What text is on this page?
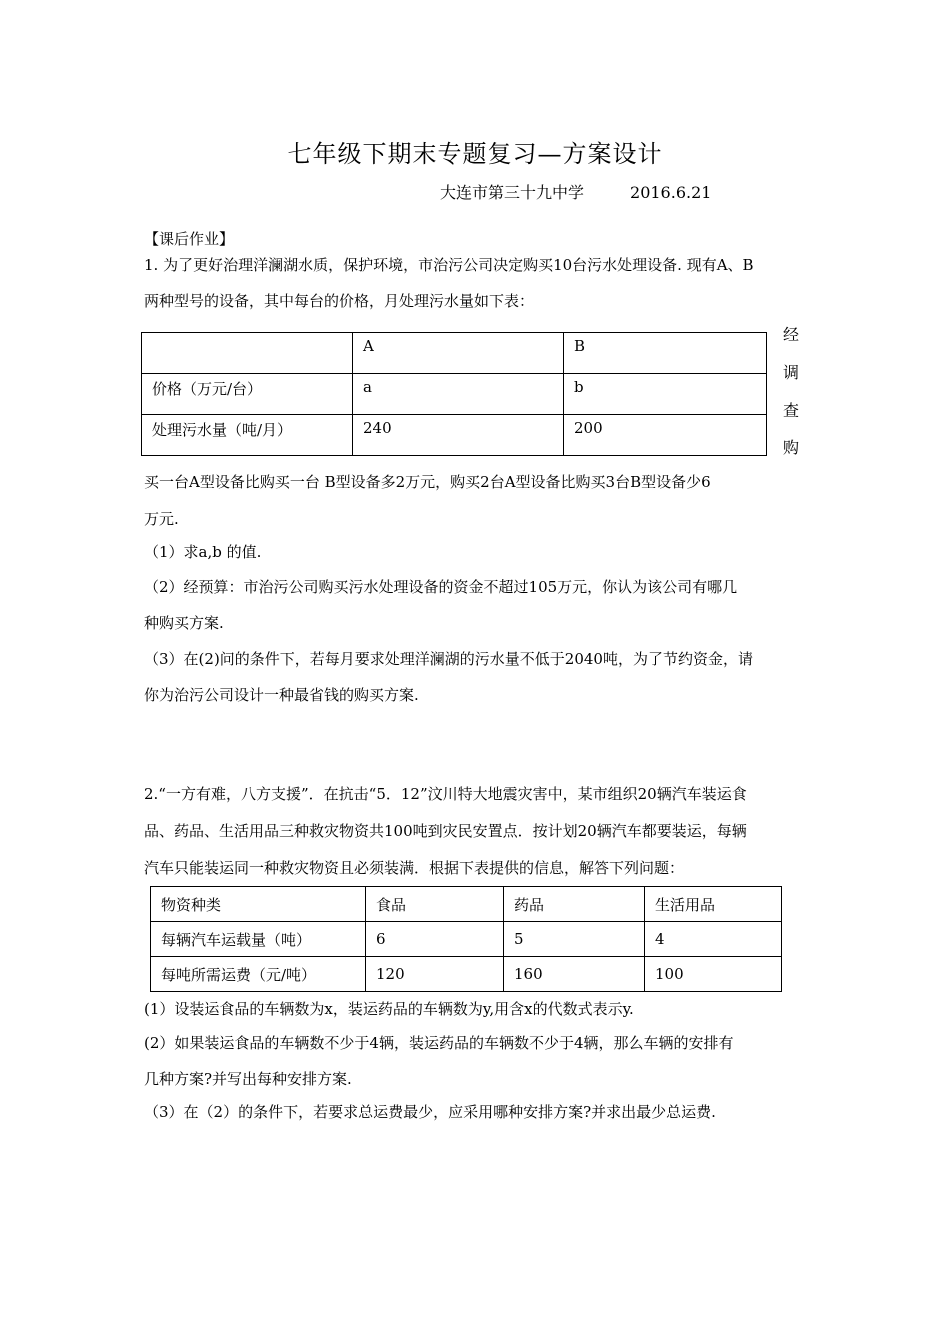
七年级下期末专题复习—方案设计
大连市第三十九中学	2016.6.21
【课后作业】
1. 为了更好治理洋澜湖水质，保护环境，市治污公司决定购买10台污水处理设备. 现有A、B
两种型号的设备，其中每台的价格，月处理污水量如下表：
	A	B
价格（万元/台）	a	b
处理污水量（吨/月）	240	200
经
调
查
购
买一台A型设备比购买一台 B型设备多2万元，购买2台A型设备比购买3台B型设备少6
万元.
（1）求a,b 的值.
（2）经预算：市治污公司购买污水处理设备的资金不超过105万元，你认为该公司有哪几
种购买方案.
（3）在(2)问的条件下，若每月要求处理洋澜湖的污水量不低于2040吨，为了节约资金，请
你为治污公司设计一种最省钱的购买方案.
2.“一方有难，八方支援”．在抗击“5．12”汶川特大地震灾害中，某市组织20辆汽车装运食
品、药品、生活用品三种救灾物资共100吨到灾民安置点．按计划20辆汽车都要装运，每辆
汽车只能装运同一种救灾物资且必须装满．根据下表提供的信息，解答下列问题：
物资种类	食品	药品	生活用品
每辆汽车运载量（吨）	6	5	4
每吨所需运费（元/吨）	120	160	100
(1）设装运食品的车辆数为x，装运药品的车辆数为y,用含x的代数式表示y.
(2）如果装运食品的车辆数不少于4辆，装运药品的车辆数不少于4辆，那么车辆的安排有
几种方案?并写出每种安排方案.
（3）在（2）的条件下，若要求总运费最少，应采用哪种安排方案?并求出最少总运费.
